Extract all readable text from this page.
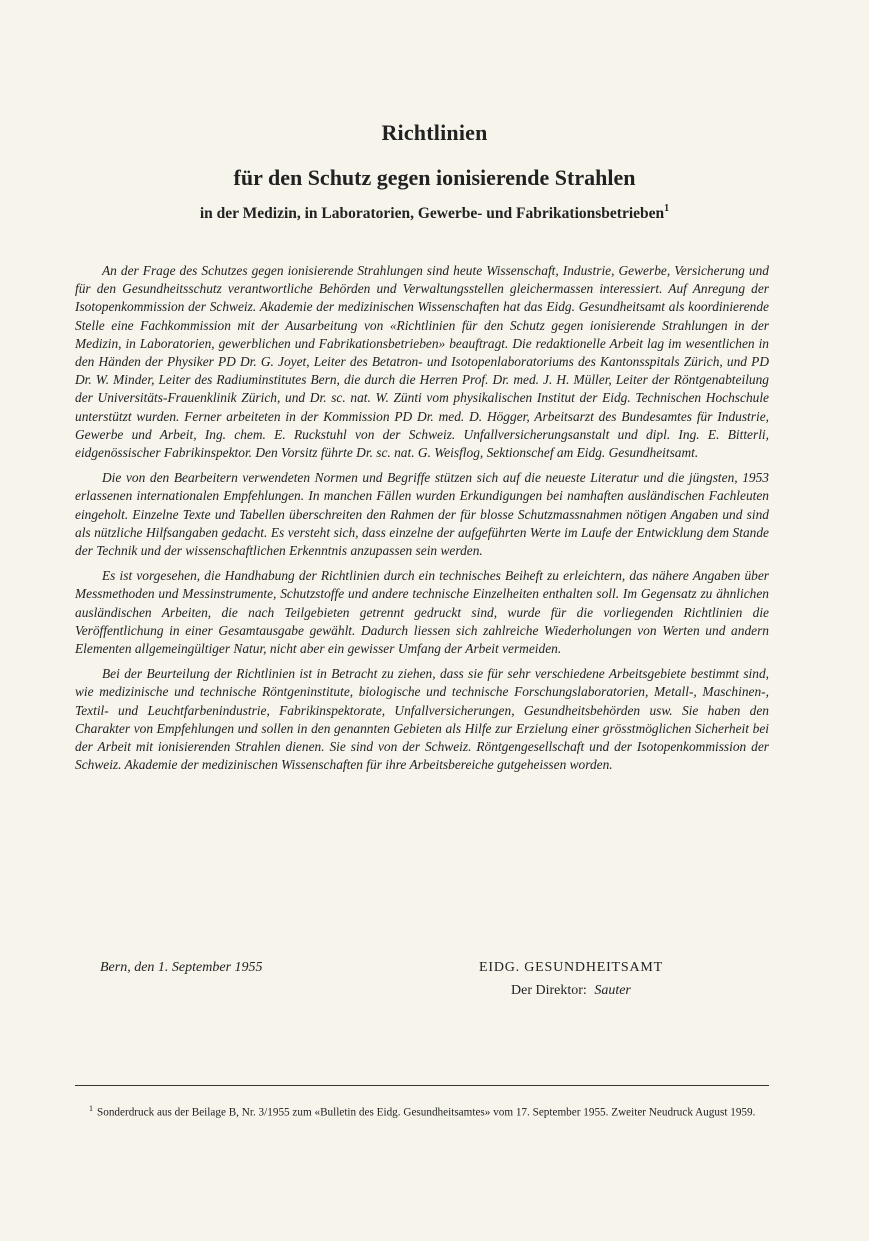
Richtlinien
für den Schutz gegen ionisierende Strahlen
in der Medizin, in Laboratorien, Gewerbe- und Fabrikationsbetrieben$^1$

An der Frage des Schutzes gegen ionisierende Strahlungen sind heute Wissenschaft, Industrie, Gewerbe, Versicherung und für den Gesundheitsschutz verantwortliche Behörden und Verwaltungsstellen gleichermassen interessiert. Auf Anregung der Isotopenkommission der Schweiz. Akademie der medizinischen Wissenschaften hat das Eidg. Gesundheitsamt als koordinierende Stelle eine Fachkommission mit der Ausarbeitung von «Richtlinien für den Schutz gegen ionisierende Strahlungen in der Medizin, in Laboratorien, gewerblichen und Fabrikationsbetrieben» beauftragt. Die redaktionelle Arbeit lag im wesentlichen in den Händen der Physiker PD Dr. G. Joyet, Leiter des Betatron- und Isotopenlaboratoriums des Kantonsspitals Zürich, und PD Dr. W. Minder, Leiter des Radiuminstitutes Bern, die durch die Herren Prof. Dr. med. J. H. Müller, Leiter der Röntgenabteilung der Universitäts-Frauenklinik Zürich, und Dr. sc. nat. W. Zünti vom physikalischen Institut der Eidg. Technischen Hochschule unterstützt wurden. Ferner arbeiteten in der Kommission PD Dr. med. D. Högger, Arbeitsarzt des Bundesamtes für Industrie, Gewerbe und Arbeit, Ing. chem. E. Ruckstuhl von der Schweiz. Unfallversicherungsanstalt und dipl. Ing. E. Bitterli, eidgenössischer Fabrikinspektor. Den Vorsitz führte Dr. sc. nat. G. Weisflog, Sektionschef am Eidg. Gesundheitsamt.

Die von den Bearbeitern verwendeten Normen und Begriffe stützen sich auf die neueste Literatur und die jüngsten, 1953 erlassenen internationalen Empfehlungen. In manchen Fällen wurden Erkundigungen bei namhaften ausländischen Fachleuten eingeholt. Einzelne Texte und Tabellen überschreiten den Rahmen der für blosse Schutzmassnahmen nötigen Angaben und sind als nützliche Hilfsangaben gedacht. Es versteht sich, dass einzelne der aufgeführten Werte im Laufe der Entwicklung dem Stande der Technik und der wissenschaftlichen Erkenntnis anzupassen sein werden.

Es ist vorgesehen, die Handhabung der Richtlinien durch ein technisches Beiheft zu erleichtern, das nähere Angaben über Messmethoden und Messinstrumente, Schutzstoffe und andere technische Einzelheiten enthalten soll. Im Gegensatz zu ähnlichen ausländischen Arbeiten, die nach Teilgebieten getrennt gedruckt sind, wurde für die vorliegenden Richtlinien die Veröffentlichung in einer Gesamtausgabe gewählt. Dadurch liessen sich zahlreiche Wiederholungen von Werten und andern Elementen allgemeingültiger Natur, nicht aber ein gewisser Umfang der Arbeit vermeiden.

Bei der Beurteilung der Richtlinien ist in Betracht zu ziehen, dass sie für sehr verschiedene Arbeitsgebiete bestimmt sind, wie medizinische und technische Röntgeninstitute, biologische und technische Forschungslaboratorien, Metall-, Maschinen-, Textil- und Leuchtfarbenindustrie, Fabrikinspektorate, Unfallversicherungen, Gesundheitsbehörden usw. Sie haben den Charakter von Empfehlungen und sollen in den genannten Gebieten als Hilfe zur Erzielung einer grösstmöglichen Sicherheit bei der Arbeit mit ionisierenden Strahlen dienen. Sie sind von der Schweiz. Röntgengesellschaft und der Isotopenkommission der Schweiz. Akademie der medizinischen Wissenschaften für ihre Arbeitsbereiche gutgeheissen worden.

Bern, den 1. September 1955	EIDG. GESUNDHEITSAMT
Der Direktor: Sauter
$^1$ Sonderdruck aus der Beilage B, Nr. 3/1955 zum «Bulletin des Eidg. Gesundheitsamtes» vom 17. September 1955. Zweiter Neudruck August 1959.
